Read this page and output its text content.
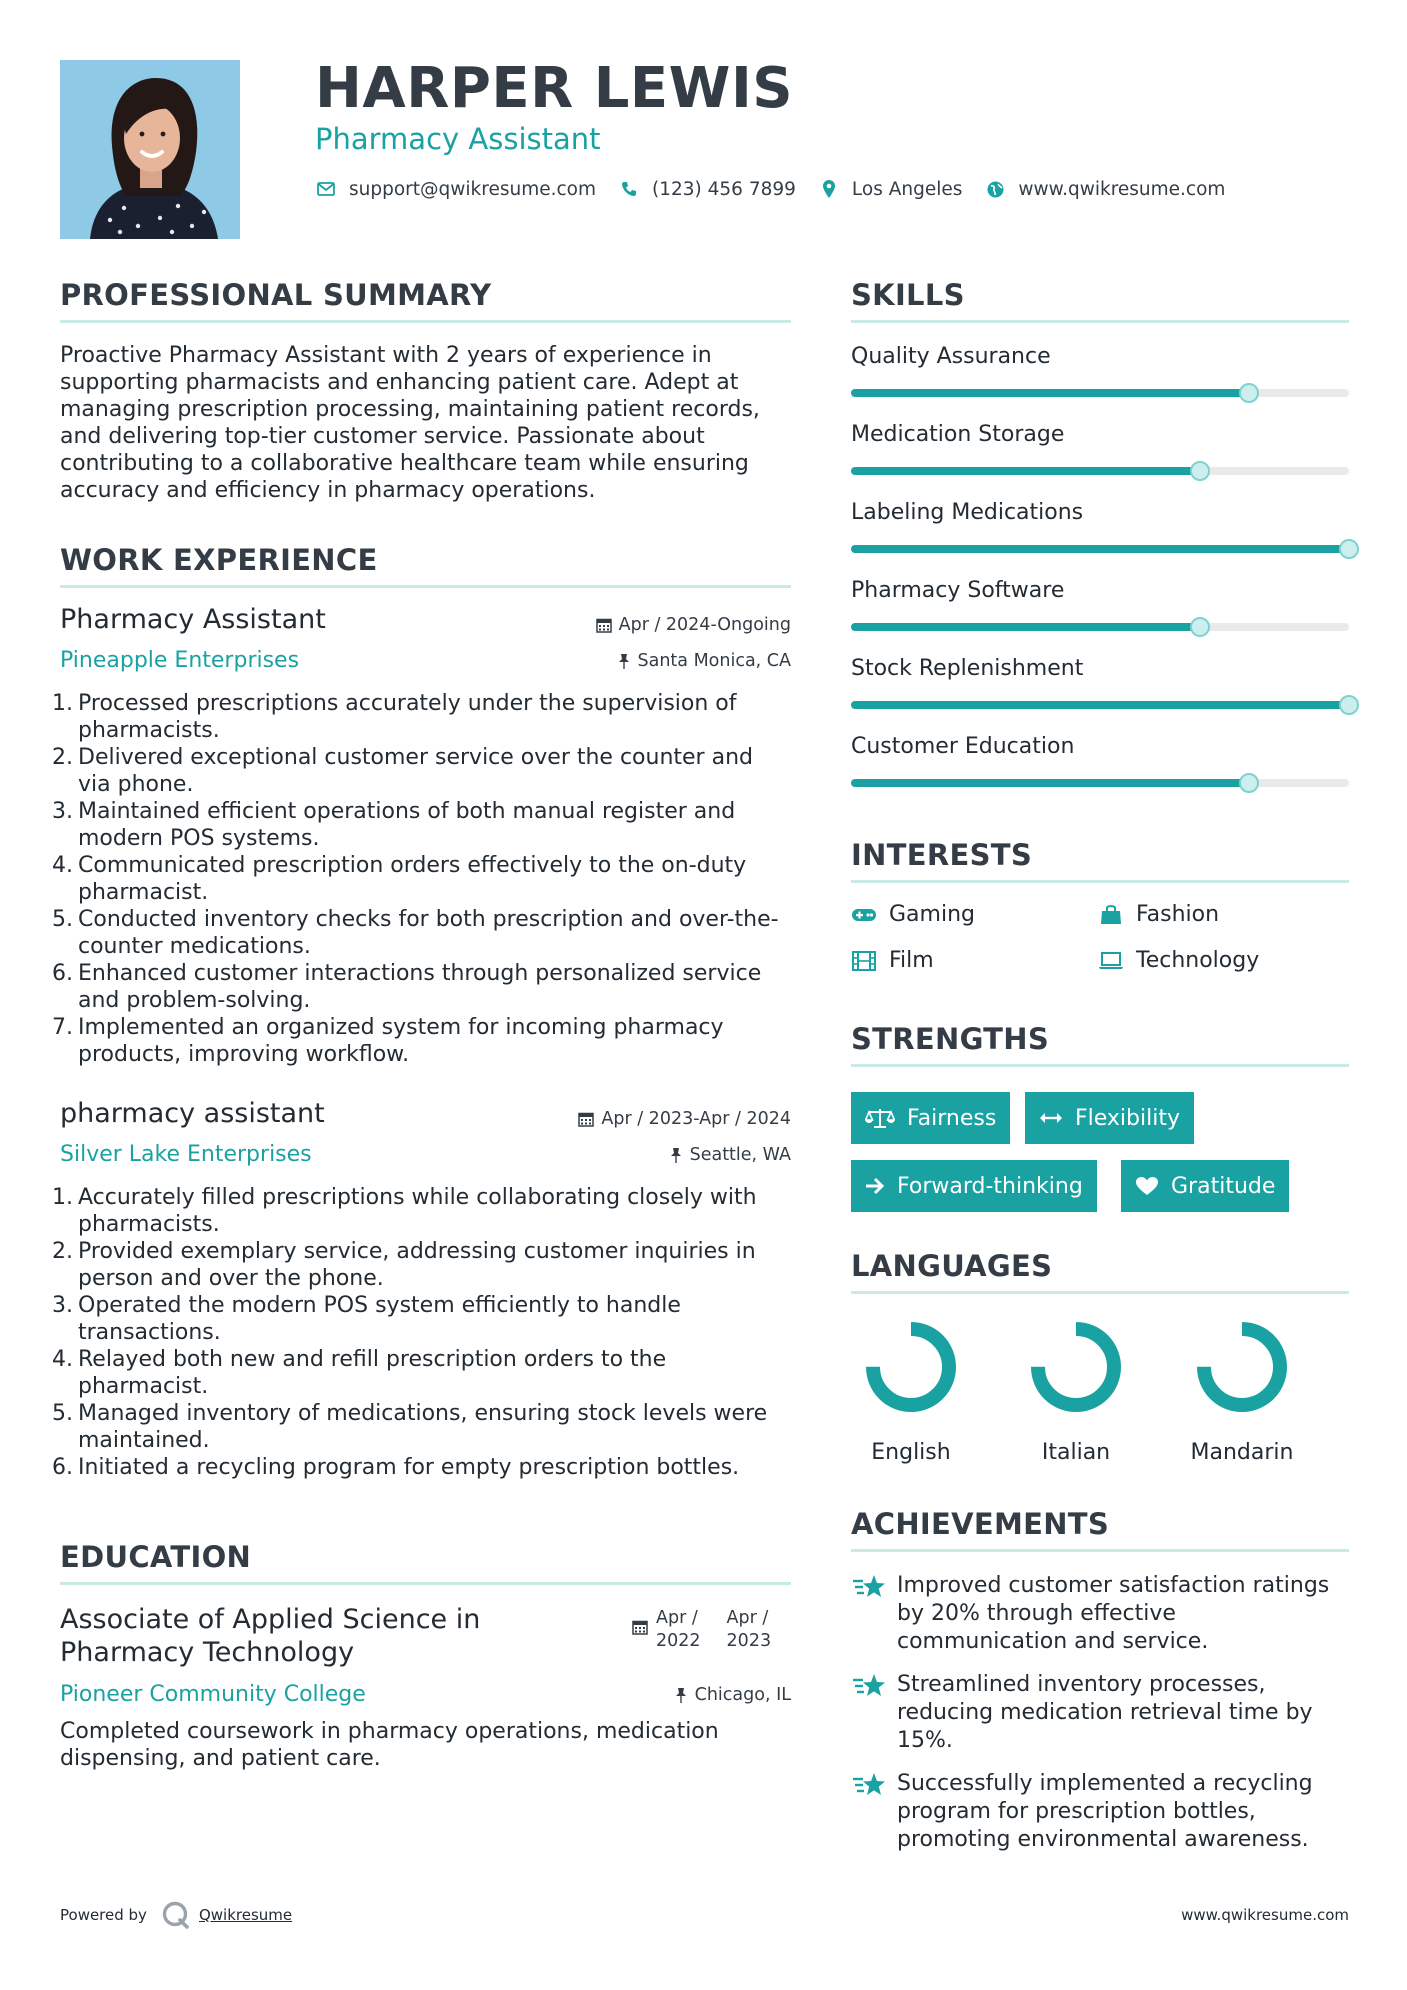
HARPER LEWIS
Pharmacy Assistant
support@qwikresume.com	(123) 456 7899	Los Angeles	www.qwikresume.com
PROFESSIONAL SUMMARY
Proactive Pharmacy Assistant with 2 years of experience in supporting pharmacists and enhancing patient care. Adept at managing prescription processing, maintaining patient records, and delivering top-tier customer service. Passionate about contributing to a collaborative healthcare team while ensuring accuracy and efficiency in pharmacy operations.
WORK EXPERIENCE
Pharmacy Assistant	Apr / 2024-Ongoing
Pineapple Enterprises	Santa Monica, CA
1. Processed prescriptions accurately under the supervision of pharmacists.
2. Delivered exceptional customer service over the counter and via phone.
3. Maintained efficient operations of both manual register and modern POS systems.
4. Communicated prescription orders effectively to the on-duty pharmacist.
5. Conducted inventory checks for both prescription and over-the-counter medications.
6. Enhanced customer interactions through personalized service and problem-solving.
7. Implemented an organized system for incoming pharmacy products, improving workflow.
pharmacy assistant	Apr / 2023-Apr / 2024
Silver Lake Enterprises	Seattle, WA
1. Accurately filled prescriptions while collaborating closely with pharmacists.
2. Provided exemplary service, addressing customer inquiries in person and over the phone.
3. Operated the modern POS system efficiently to handle transactions.
4. Relayed both new and refill prescription orders to the pharmacist.
5. Managed inventory of medications, ensuring stock levels were maintained.
6. Initiated a recycling program for empty prescription bottles.
EDUCATION
Associate of Applied Science in Pharmacy Technology
Apr /
2022
Apr /
2023
Pioneer Community College	Chicago, IL
Completed coursework in pharmacy operations, medication dispensing, and patient care.
SKILLS
Quality Assurance
Medication Storage
Labeling Medications
Pharmacy Software
Stock Replenishment
Customer Education
INTERESTS
Gaming	Fashion
Film	Technology
STRENGTHS
Fairness	Flexibility
Forward-thinking	Gratitude
LANGUAGES
English	Italian	Mandarin
ACHIEVEMENTS
Improved customer satisfaction ratings by 20% through effective communication and service.
Streamlined inventory processes, reducing medication retrieval time by 15%.
Successfully implemented a recycling program for prescription bottles, promoting environmental awareness.
Powered by	Qwikresume	www.qwikresume.com
